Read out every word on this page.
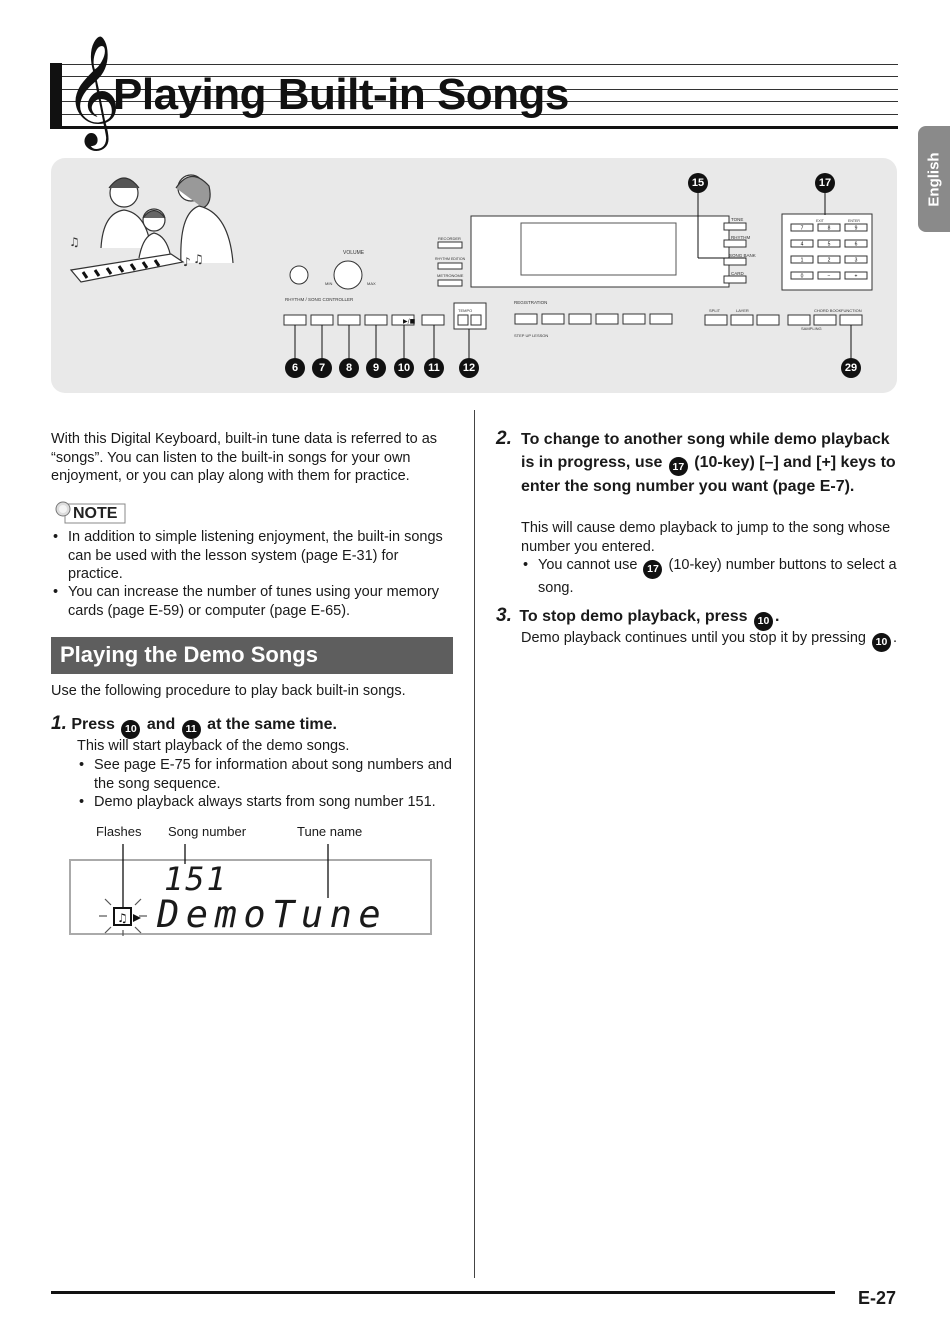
𝄞
Playing Built-in Songs
English
♫
♪ ♫	VOLUME
MIN	MAX
RECORDER
RHYTHM EDITION
METRONOME
TONE
RHYTHM
SONG BANK
CARD
EXIT	ENTER
7	8	9
4	5	6
1	2	3
0	−	+
RHYTHM / SONG CONTROLLER
▶/■
TEMPO
REGISTRATION
STEP UP LESSON
SPLIT	LAYER	CHORD BOOK FUNCTION
SAMPLING
15	17
6	7	8	9	10	11	12	29
With this Digital Keyboard, built-in tune data is referred to as “songs”. You can listen to the built-in songs for your own enjoyment, or you can play along with them for practice.
NOTE
• In addition to simple listening enjoyment, the built-in songs can be used with the lesson system (page E-31) for practice.
• You can increase the number of tunes using your memory cards (page E-59) or computer (page E-65).
Playing the Demo Songs
Use the following procedure to play back built-in songs.
1. Press 10 and 11 at the same time.
This will start playback of the demo songs.
• See page E-75 for information about song numbers and the song sequence.
• Demo playback always starts from song number 151.
Flashes Song number	Tune name
♫
151
DemoTune
2. To change to another song while demo playback is in progress, use 17 (10-key) [–] and [+] keys to enter the song number you want (page E-7).
This will cause demo playback to jump to the song whose number you entered.
• You cannot use 17 (10-key) number buttons to select a song.
3. To stop demo playback, press 10 .
Demo playback continues until you stop it by pressing 10 .
E-27
